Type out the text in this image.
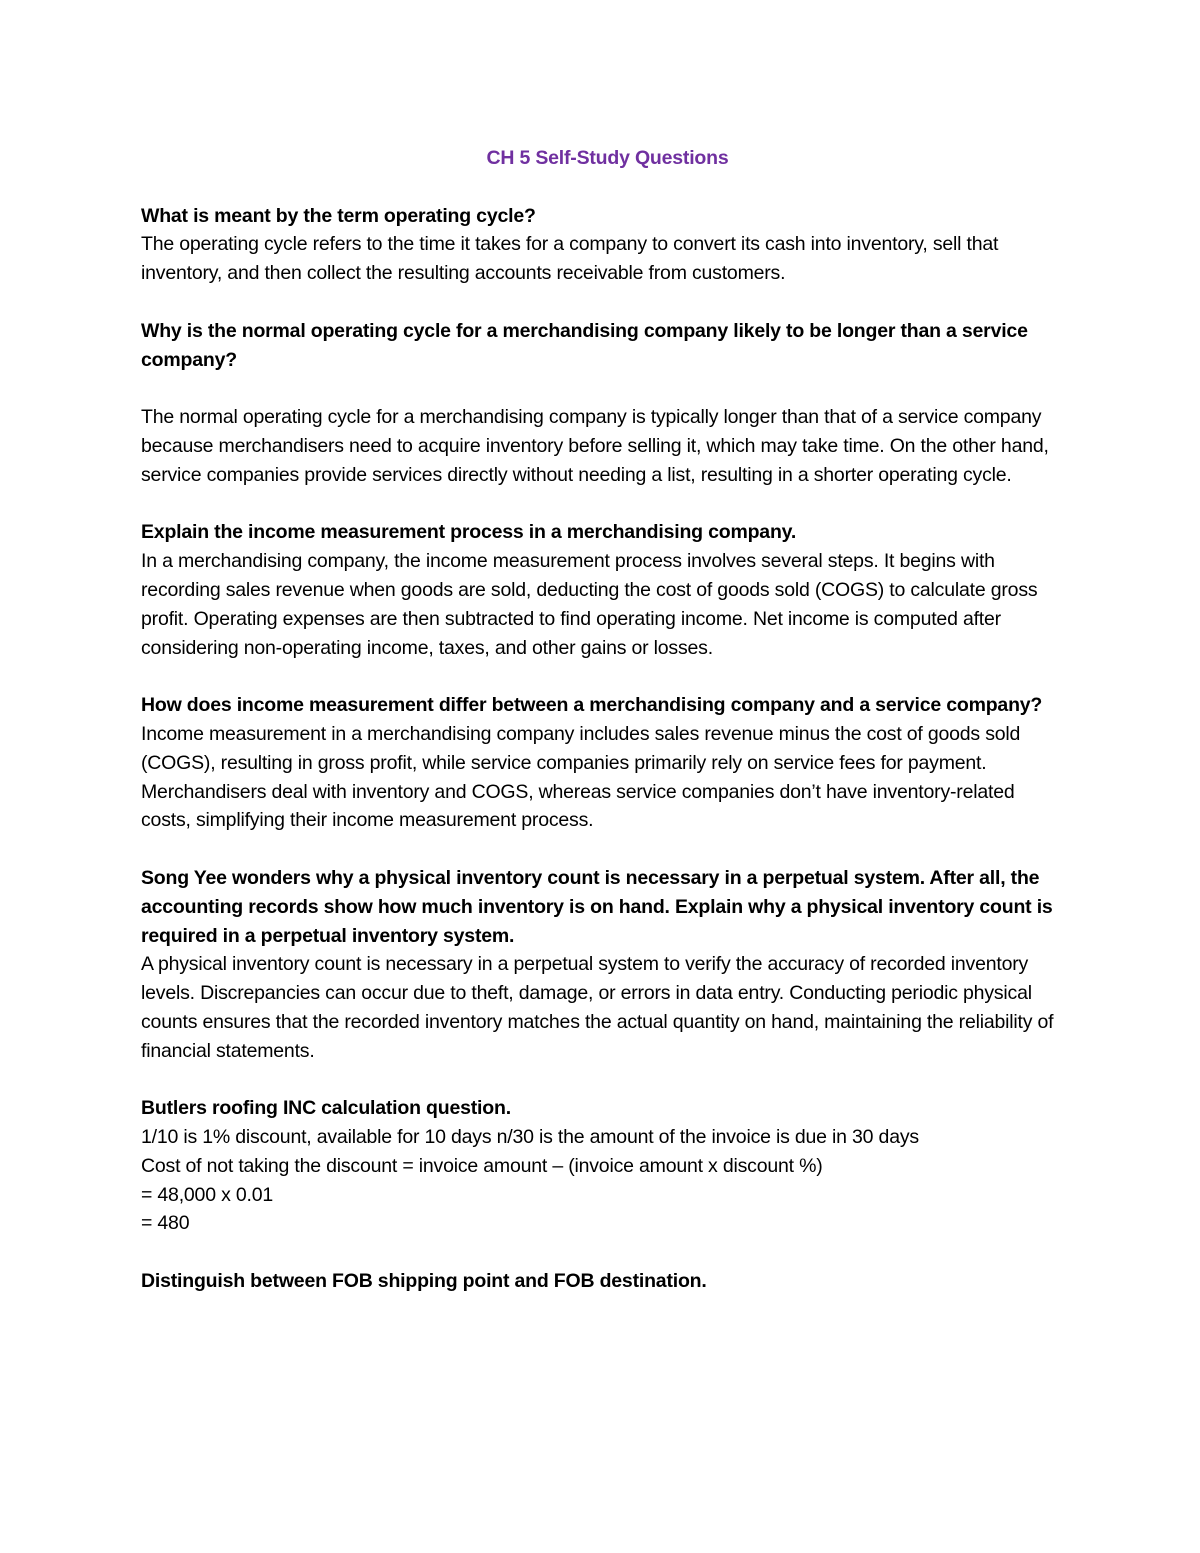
CH 5 Self-Study Questions

What is meant by the term operating cycle?

The operating cycle refers to the time it takes for a company to convert its cash into inventory, sell that inventory, and then collect the resulting accounts receivable from customers.

Why is the normal operating cycle for a merchandising company likely to be longer than a service company?

The normal operating cycle for a merchandising company is typically longer than that of a service company because merchandisers need to acquire inventory before selling it, which may take time. On the other hand, service companies provide services directly without needing a list, resulting in a shorter operating cycle.

Explain the income measurement process in a merchandising company.

In a merchandising company, the income measurement process involves several steps. It begins with recording sales revenue when goods are sold, deducting the cost of goods sold (COGS) to calculate gross profit. Operating expenses are then subtracted to find operating income. Net income is computed after considering non-operating income, taxes, and other gains or losses.

How does income measurement differ between a merchandising company and a service company?

Income measurement in a merchandising company includes sales revenue minus the cost of goods sold (COGS), resulting in gross profit, while service companies primarily rely on service fees for payment. Merchandisers deal with inventory and COGS, whereas service companies don’t have inventory-related costs, simplifying their income measurement process.

Song Yee wonders why a physical inventory count is necessary in a perpetual system. After all, the accounting records show how much inventory is on hand. Explain why a physical inventory count is required in a perpetual inventory system.

A physical inventory count is necessary in a perpetual system to verify the accuracy of recorded inventory levels. Discrepancies can occur due to theft, damage, or errors in data entry. Conducting periodic physical counts ensures that the recorded inventory matches the actual quantity on hand, maintaining the reliability of financial statements.

Butlers roofing INC calculation question.

1/10 is 1% discount, available for 10 days n/30 is the amount of the invoice is due in 30 days
Cost of not taking the discount = invoice amount – (invoice amount x discount %)
= 48,000 x 0.01
= 480

Distinguish between FOB shipping point and FOB destination.
